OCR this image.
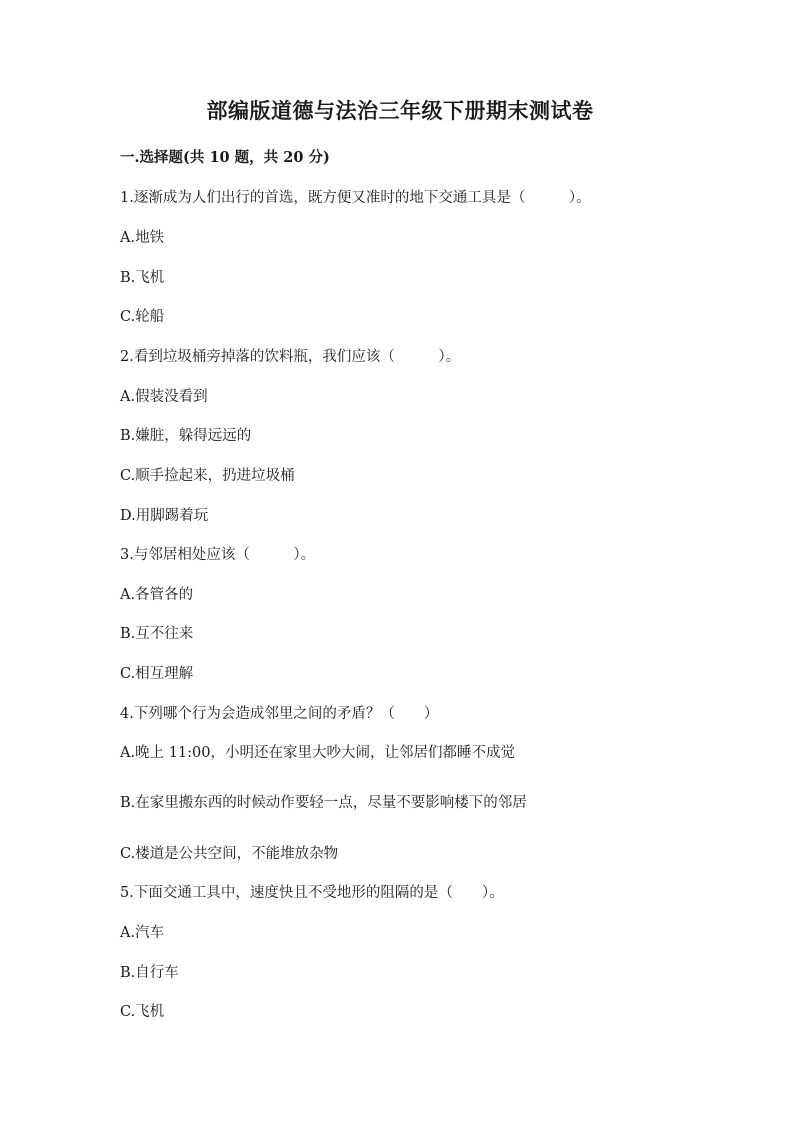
部编版道德与法治三年级下册期末测试卷
一.选择题(共 10 题，共 20 分)
1.逐渐成为人们出行的首选，既方便又准时的地下交通工具是（　　　）。
A.地铁
B.飞机
C.轮船
2.看到垃圾桶旁掉落的饮料瓶，我们应该（　　　）。
A.假装没看到
B.嫌脏，躲得远远的
C.顺手捡起来，扔进垃圾桶
D.用脚踢着玩
3.与邻居相处应该（　　　）。
A.各管各的
B.互不往来
C.相互理解
4.下列哪个行为会造成邻里之间的矛盾？（　　）
A.晚上 11:00，小明还在家里大吵大闹，让邻居们都睡不成觉
B.在家里搬东西的时候动作要轻一点，尽量不要影响楼下的邻居
C.楼道是公共空间，不能堆放杂物
5.下面交通工具中，速度快且不受地形的阻隔的是（　　）。
A.汽车
B.自行车
C.飞机
